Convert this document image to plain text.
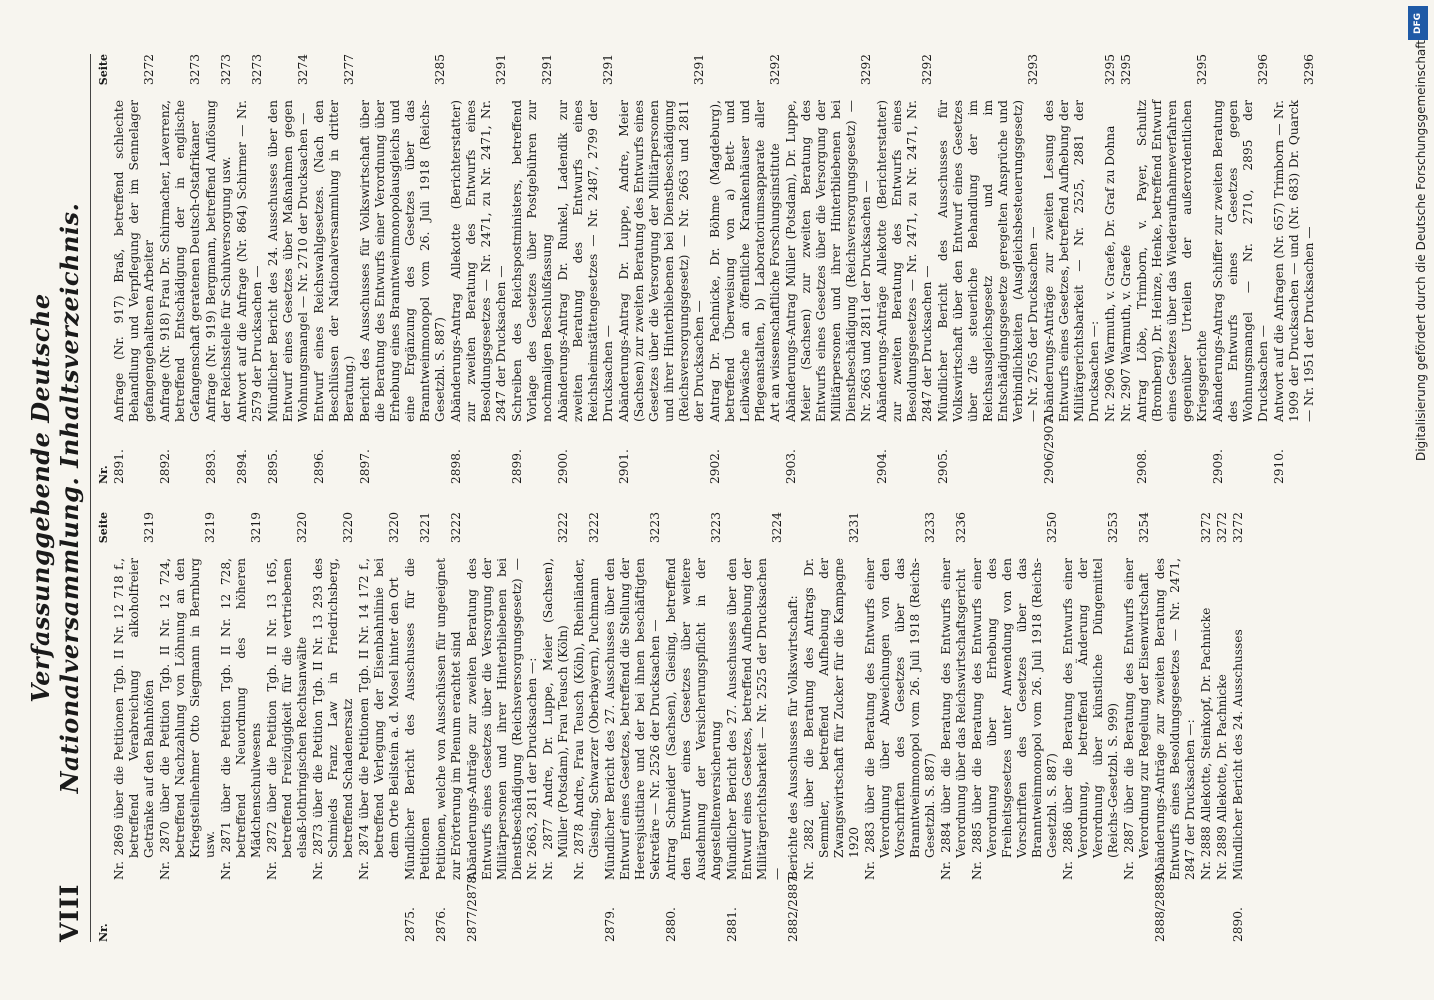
VIII
Verfassunggebende Deutsche Nationalversammlung. Inhaltsverzeichnis.
Nr.
Seite
Nr. 2869 über die Petitionen Tgb. II Nr. 12 718 f., betreffend Verabreichung alkoholfreier Getränke auf den Bahnhöfen
3219
Nr. 2870 über die Petition Tgb. II Nr. 12 724, betreffend Nachzahlung von Löhnung an den Kriegsteilnehmer Otto Siegmann in Bernburg usw.
3219
Nr. 2871 über die Petition Tgb. II Nr. 12 728, betreffend Neuordnung des höheren Mädchenschulwesens
3219
Nr. 2872 über die Petition Tgb. II Nr. 13 165, betreffend Freizügigkeit für die vertriebenen elsaß-lothringischen Rechtsanwälte
3220
Nr. 2873 über die Petition Tgb. II Nr. 13 293 des Schmieds Franz Law in Friedrichsberg, betreffend Schadenersatz
3220
Nr. 2874 über die Petitionen Tgb. II Nr. 14 172 f., betreffend Verlegung der Eisenbahnlinie bei dem Orte Beilstein a. d. Mosel hinter den Ort
3220
2875.
Mündlicher Bericht des Ausschusses für die Petitionen
3221
2876.
Petitionen, welche von Ausschüssen für ungeeignet zur Erörterung im Plenum erachtet sind
3222
2877/2878.
Abänderungs-Anträge zur zweiten Beratung des Entwurfs eines Gesetzes über die Versorgung der Militärpersonen und ihrer Hinterbliebenen bei Dienstbeschädigung (Reichsversorgungsgesetz) — Nr. 2663, 2811 der Drucksachen —: Nr. 2877 Andre, Dr. Luppe, Meier (Sachsen), Müller (Potsdam), Frau Teusch (Köln)
3222
Nr. 2878 Andre, Frau Teusch (Köln), Rheinländer, Giesing, Schwarzer (Oberbayern), Puchmann
3222
2879.
Mündlicher Bericht des 27. Ausschusses über den Entwurf eines Gesetzes, betreffend die Stellung der Heeresjustitiare und der bei ihnen beschäftigten Sekretäre — Nr. 2526 der Drucksachen —
3223
2880.
Antrag Schneider (Sachsen), Giesing, betreffend den Entwurf eines Gesetzes über weitere Ausdehnung der Versicherungspflicht in der Angestelltenversicherung
3223
2881.
Mündlicher Bericht des 27. Ausschusses über den Entwurf eines Gesetzes, betreffend Aufhebung der Militärgerichtsbarkeit — Nr. 2525 der Drucksachen —
3224
2882/2887.
Berichte des Ausschusses für Volkswirtschaft: Nr. 2882 über die Beratung des Antrags Dr. Semmler, betreffend Aufhebung der Zwangswirtschaft für Zucker für die Kampagne 1920
3231
Nr. 2883 über die Beratung des Entwurfs einer Verordnung über Abweichungen von den Vorschriften des Gesetzes über das Branntweinmonopol vom 26. Juli 1918 (Reichs-Gesetzbl. S. 887)
3233
Nr. 2884 über die Beratung des Entwurfs einer Verordnung über das Reichswirtschaftsgericht
3236
Nr. 2885 über die Beratung des Entwurfs einer Verordnung über Erhebung des Freiheitsgesetzes unter Anwendung von den Vorschriften des Gesetzes über das Branntweinmonopol vom 26. Juli 1918 (Reichs-Gesetzbl. S. 887)
3250
Nr. 2886 über die Beratung des Entwurfs einer Verordnung, betreffend Änderung der Verordnung über künstliche Düngemittel (Reichs-Gesetzbl. S. 999)
3253
Nr. 2887 über die Beratung des Entwurfs einer Verordnung zur Regelung der Eisenwirtschaft
3254
2888/2889.
Abänderungs-Anträge zur zweiten Beratung des Entwurfs eines Besoldungsgesetzes — Nr. 2471, 2847 der Drucksachen —: Nr. 2888 Allekotte, Steinkopf, Dr. Pachnicke
3272
Nr. 2889 Allekotte, Dr. Pachnicke
3272
2890.
Mündlicher Bericht des 24. Ausschusses
3272
Nr.
Seite
2891.
Anfrage (Nr. 917) Braß, betreffend schlechte Behandlung und Verpflegung der im Sennelager gefangengehaltenen Arbeiter
3272
2892.
Anfrage (Nr. 918) Frau Dr. Schirmacher, Laverrenz, betreffend Entschädigung der in englische Gefangenschaft geratenen Deutsch-Ostafrikaner
3273
2893.
Anfrage (Nr. 919) Bergmann, betreffend Auflösung der Reichsstelle für Schuhversorgung usw.
3273
2894.
Antwort auf die Anfrage (Nr. 864) Schirmer — Nr. 2579 der Drucksachen —
3273
2895.
Mündlicher Bericht des 24. Ausschusses über den Entwurf eines Gesetzes über Maßnahmen gegen Wohnungsmangel — Nr. 2710 der Drucksachen —
3274
2896.
Entwurf eines Reichswahlgesetzes. (Nach den Beschlüssen der Nationalversammlung in dritter Beratung.)
3277
2897.
Bericht des Ausschusses für Volkswirtschaft über die Beratung des Entwurfs einer Verordnung über Erhebung eines Branntweinmonopolausgleichs und eine Ergänzung des Gesetzes über das Branntweinmonopol vom 26. Juli 1918 (Reichs-Gesetzbl. S. 887)
3285
2898.
Abänderungs-Antrag Allekotte (Berichterstatter) zur zweiten Beratung des Entwurfs eines Besoldungsgesetzes — Nr. 2471, zu Nr. 2471, Nr. 2847 der Drucksachen —
3291
2899.
Schreiben des Reichspostministers, betreffend Vorlage des Gesetzes über Postgebühren zur nochmaligen Beschlußfassung
3291
2900.
Abänderungs-Antrag Dr. Runkel, Ladendik zur zweiten Beratung des Entwurfs eines Reichsheimstättengesetzes — Nr. 2487, 2799 der Drucksachen —
3291
2901.
Abänderungs-Antrag Dr. Luppe, Andre, Meier (Sachsen) zur zweiten Beratung des Entwurfs eines Gesetzes über die Versorgung der Militärpersonen und ihrer Hinterbliebenen bei Dienstbeschädigung (Reichsversorgungsgesetz) — Nr. 2663 und 2811 der Drucksachen —
3291
2902.
Antrag Dr. Pachnicke, Dr. Böhme (Magdeburg), betreffend Überweisung von a) Bett- und Leibwäsche an öffentliche Krankenhäuser und Pflegeanstalten, b) Laboratoriumsapparate aller Art an wissenschaftliche Forschungsinstitute
3292
2903.
Abänderungs-Antrag Müller (Potsdam), Dr. Luppe, Meier (Sachsen) zur zweiten Beratung des Entwurfs eines Gesetzes über die Versorgung der Militärpersonen und ihrer Hinterbliebenen bei Dienstbeschädigung (Reichsversorgungsgesetz) — Nr. 2663 und 2811 der Drucksachen —
3292
2904.
Abänderungs-Anträge Allekotte (Berichterstatter) zur zweiten Beratung des Entwurfs eines Besoldungsgesetzes — Nr. 2471, zu Nr. 2471, Nr. 2847 der Drucksachen —
3292
2905.
Mündlicher Bericht des Ausschusses für Volkswirtschaft über den Entwurf eines Gesetzes über die steuerliche Behandlung der im Reichsausgleichsgesetz und im Entschädigungsgesetze geregelten Ansprüche und Verbindlichkeiten (Ausgleichsbesteuerungsgesetz) — Nr. 2765 der Drucksachen —
3293
2906/2907.
Abänderungs-Anträge zur zweiten Lesung des Entwurfs eines Gesetzes, betreffend Aufhebung der Militärgerichtsbarkeit — Nr. 2525, 2881 der Drucksachen —: Nr. 2906 Warmuth, v. Graefe, Dr. Graf zu Dohna
3295
Nr. 2907 Warmuth, v. Graefe
3295
2908.
Antrag Löbe, Trimborn, v. Payer, Schultz (Bromberg), Dr. Heinze, Henke, betreffend Entwurf eines Gesetzes über das Wiederaufnahmeverfahren gegenüber Urteilen der außerordentlichen Kriegsgerichte
3295
2909.
Abänderungs-Antrag Schiffer zur zweiten Beratung des Entwurfs eines Gesetzes gegen Wohnungsmangel — Nr. 2710, 2895 der Drucksachen —
3296
2910.
Antwort auf die Anfragen (Nr. 657) Trimborn — Nr. 1909 der Drucksachen — und (Nr. 683) Dr. Quarck — Nr. 1951 der Drucksachen —
3296
DFG
Digitalisierung gefördert durch die Deutsche Forschungsgemeinschaft
